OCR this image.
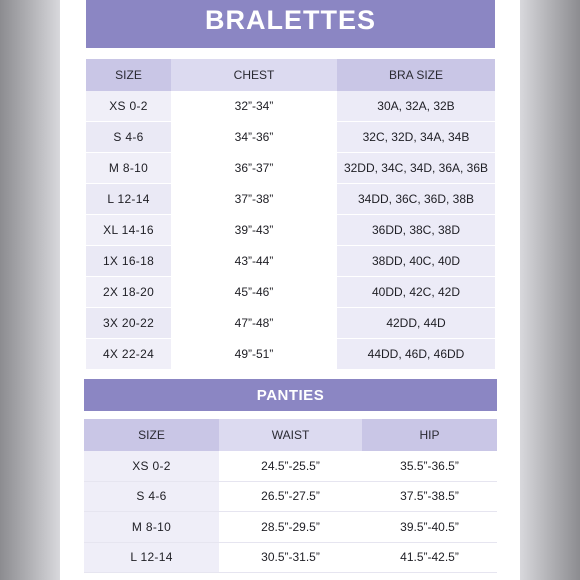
BRALETTES
SIZE	CHEST	BRA SIZE
XS 0-2	32”-34”	30A, 32A, 32B
S 4-6	34”-36”	32C, 32D, 34A, 34B
M 8-10	36”-37”	32DD, 34C, 34D, 36A, 36B
L 12-14	37”-38”	34DD, 36C, 36D, 38B
XL 14-16	39”-43”	36DD, 38C, 38D
1X 16-18	43”-44”	38DD, 40C, 40D
2X 18-20	45”-46”	40DD, 42C, 42D
3X 20-22	47”-48”	42DD, 44D
4X 22-24	49”-51”	44DD, 46D, 46DD
PANTIES
SIZE	WAIST	HIP
XS 0-2	24.5”-25.5”	35.5”-36.5”
S 4-6	26.5”-27.5”	37.5”-38.5”
M 8-10	28.5”-29.5”	39.5”-40.5”
L 12-14	30.5”-31.5”	41.5”-42.5”
